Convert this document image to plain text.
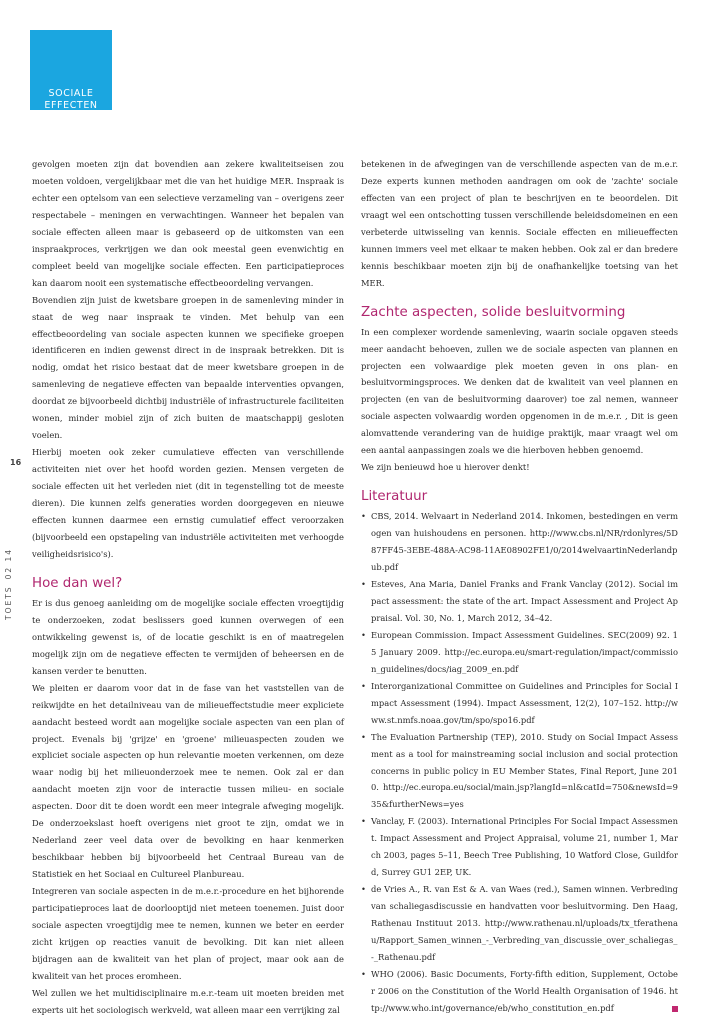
SOCIALE
EFFECTEN
16
TOETS02 14

gevolgen moeten zijn dat bovendien aan zekere kwaliteitseisen zou moeten voldoen, vergelijkbaar met die van het huidige MER. Inspraak is echter een optelsom van een selectieve verzameling van – overigens zeer respectabele – meningen en verwachtingen. Wanneer het bepalen van sociale effecten alleen maar is gebaseerd op de uitkomsten van een inspraakproces, verkrijgen we dan ook meestal geen evenwichtig en compleet beeld van mogelijke sociale effecten. Een participatieproces kan daarom nooit een systematische effectbeoordeling vervangen.

Bovendien zijn juist de kwetsbare groepen in de samenleving minder in staat de weg naar inspraak te vinden. Met behulp van een effectbeoordeling van sociale aspecten kunnen we specifieke groepen identificeren en indien gewenst direct in de inspraak betrekken. Dit is nodig, omdat het risico bestaat dat de meer kwetsbare groepen in de samenleving de negatieve effecten van bepaalde interventies opvangen, doordat ze bijvoorbeeld dichtbij industriële of infrastructurele faciliteiten wonen, minder mobiel zijn of zich buiten de maatschappij gesloten voelen.

Hierbij moeten ook zeker cumulatieve effecten van verschillende activiteiten niet over het hoofd worden gezien. Mensen vergeten de sociale effecten uit het verleden niet (dit in tegenstelling tot de meeste dieren). Die kunnen zelfs generaties worden doorgegeven en nieuwe effecten kunnen daarmee een ernstig cumulatief effect veroorzaken (bijvoorbeeld een opstapeling van industriële activiteiten met verhoogde veiligheidsrisico's).

Hoe dan wel?

Er is dus genoeg aanleiding om de mogelijke sociale effecten vroegtijdig te onderzoeken, zodat beslissers goed kunnen overwegen of een ontwikkeling gewenst is, of de locatie geschikt is en of maatregelen mogelijk zijn om de negatieve effecten te vermijden of beheersen en de kansen verder te benutten.

We pleiten er daarom voor dat in de fase van het vaststellen van de reikwijdte en het detailniveau van de milieueffectstudie meer expliciete aandacht besteed wordt aan mogelijke sociale aspecten van een plan of project. Evenals bij 'grijze' en 'groene' milieuaspecten zouden we expliciet sociale aspecten op hun relevantie moeten verkennen, om deze waar nodig bij het milieuonderzoek mee te nemen. Ook zal er dan aandacht moeten zijn voor de interactie tussen milieu- en sociale aspecten. Door dit te doen wordt een meer integrale afweging mogelijk. De onderzoekslast hoeft overigens niet groot te zijn, omdat we in Nederland zeer veel data over de bevolking en haar kenmerken beschikbaar hebben bij bijvoorbeeld het Centraal Bureau van de Statistiek en het Sociaal en Cultureel Planbureau.

Integreren van sociale aspecten in de m.e.r.-procedure en het bijhorende participatieproces laat de doorlooptijd niet meteen toenemen. Juist door sociale aspecten vroegtijdig mee te nemen, kunnen we beter en eerder zicht krijgen op reacties vanuit de bevolking. Dit kan niet alleen bijdragen aan de kwaliteit van het plan of project, maar ook aan de kwaliteit van het proces eromheen.

Wel zullen we het multidisciplinaire m.e.r.-team uit moeten breiden met experts uit het sociologisch werkveld, wat alleen maar een verrijking zal

betekenen in de afwegingen van de verschillende aspecten van de m.e.r. Deze experts kunnen methoden aandragen om ook de 'zachte' sociale effecten van een project of plan te beschrijven en te beoordelen. Dit vraagt wel een ontschotting tussen verschillende beleidsdomeinen en een verbeterde uitwisseling van kennis. Sociale effecten en milieueffecten kunnen immers veel met elkaar te maken hebben. Ook zal er dan bredere kennis beschikbaar moeten zijn bij de onafhankelijke toetsing van het MER.

Zachte aspecten, solide besluitvorming

In een complexer wordende samenleving, waarin sociale opgaven steeds meer aandacht behoeven, zullen we de sociale aspecten van plannen en projecten een volwaardige plek moeten geven in ons plan- en besluitvormingsproces. We denken dat de kwaliteit van veel plannen en projecten (en van de besluitvorming daarover) toe zal nemen, wanneer sociale aspecten volwaardig worden opgenomen in de m.e.r. , Dit is geen alomvattende verandering van de huidige praktijk, maar vraagt wel om een aantal aanpassingen zoals we die hierboven hebben genoemd.

We zijn benieuwd hoe u hierover denkt!

Literatuur

• CBS, 2014. Welvaart in Nederland 2014. Inkomen, bestedingen en vermogen van huishoudens en personen. http://www.cbs.nl/NR/rdonlyres/5D87FF45-3EBE-488A-AC98-11AE08902FE1/0/2014welvaartinNederlandpub.pdf

• Esteves, Ana Maria, Daniel Franks and Frank Vanclay (2012). Social impact assessment: the state of the art. Impact Assessment and Project Appraisal. Vol. 30, No. 1, March 2012, 34–42.

• European Commission. Impact Assessment Guidelines. SEC(2009) 92. 15 January 2009. http://ec.europa.eu/smart-regulation/impact/commission_guidelines/docs/iag_2009_en.pdf

• Interorganizational Committee on Guidelines and Principles for Social Impact Assessment (1994). Impact Assessment, 12(2), 107–152. http://www.st.nmfs.noaa.gov/tm/spo/spo16.pdf

• The Evaluation Partnership (TEP), 2010. Study on Social Impact Assessment as a tool for mainstreaming social inclusion and social protection concerns in public policy in EU Member States, Final Report, June 2010. http://ec.europa.eu/social/main.jsp?langId=nl&catId=750&newsId=935&furtherNews=yes

• Vanclay, F. (2003). International Principles For Social Impact Assessment. Impact Assessment and Project Appraisal, volume 21, number 1, March 2003, pages 5–11, Beech Tree Publishing, 10 Watford Close, Guildford, Surrey GU1 2EP, UK.

• de Vries A., R. van Est & A. van Waes (red.), Samen winnen. Verbreding van schaliegasdiscussie en handvatten voor besluitvorming. Den Haag, Rathenau Instituut 2013. http://www.rathenau.nl/uploads/tx_tferathenau/Rapport_Samen_winnen_-_Verbreding_van_discussie_over_schaliegas_-_Rathenau.pdf

• WHO (2006). Basic Documents, Forty-fifth edition, Supplement, October 2006 on the Constitution of the World Health Organisation of 1946. http://www.who.int/governance/eb/who_constitution_en.pdf
